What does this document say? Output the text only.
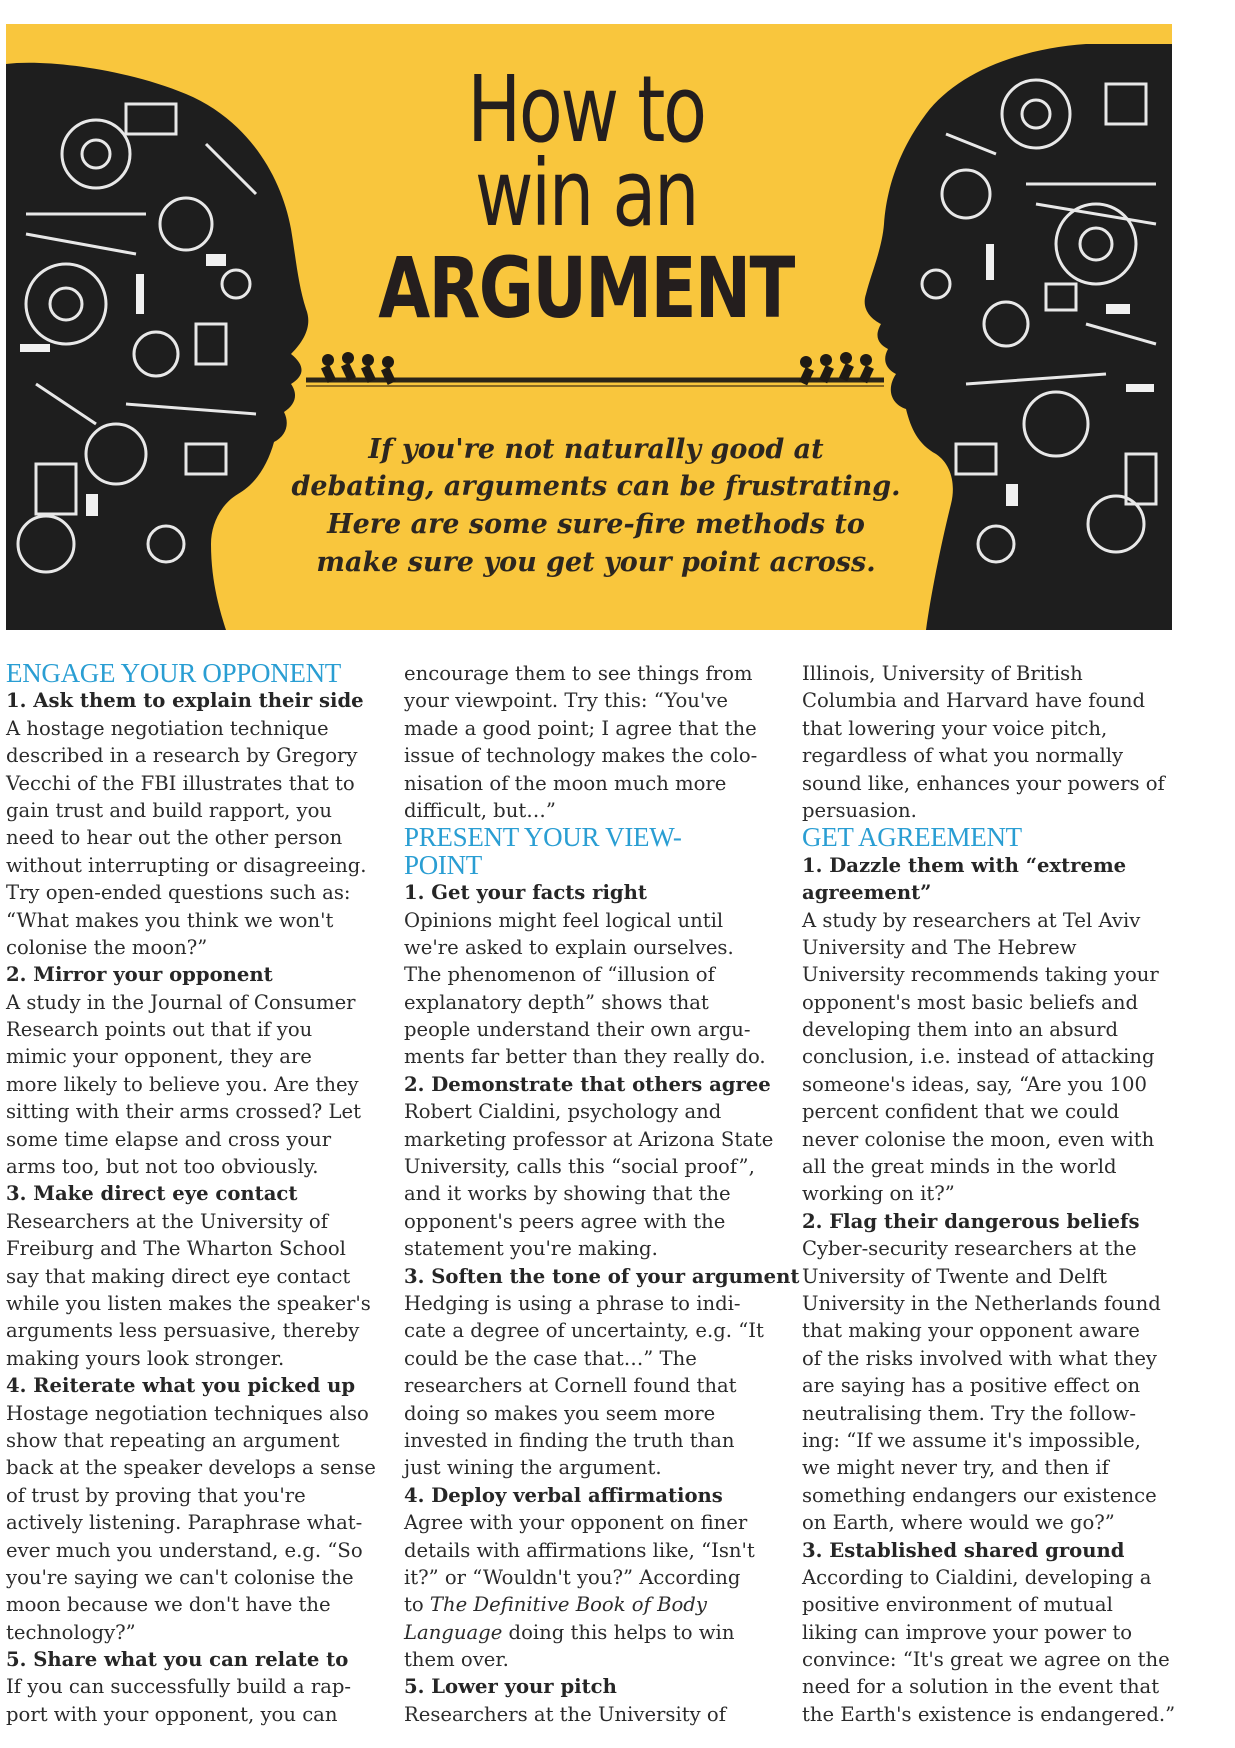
How to
win an
ARGUMENT
If you're not naturally good at
debating, arguments can be frustrating.
Here are some sure-fire methods to
make sure you get your point across.
ENGAGE YOUR OPPONENT
1. Ask them to explain their side
A hostage negotiation technique
described in a research by Gregory
Vecchi of the FBI illustrates that to
gain trust and build rapport, you
need to hear out the other person
without interrupting or disagreeing.
Try open-ended questions such as:
“What makes you think we won't
colonise the moon?”
2. Mirror your opponent
A study in the Journal of Consumer
Research points out that if you
mimic your opponent, they are
more likely to believe you. Are they
sitting with their arms crossed? Let
some time elapse and cross your
arms too, but not too obviously.
3. Make direct eye contact
Researchers at the University of
Freiburg and The Wharton School
say that making direct eye contact
while you listen makes the speaker's
arguments less persuasive, thereby
making yours look stronger.
4. Reiterate what you picked up
Hostage negotiation techniques also
show that repeating an argument
back at the speaker develops a sense
of trust by proving that you're
actively listening. Paraphrase what-
ever much you understand, e.g. “So
you're saying we can't colonise the
moon because we don't have the
technology?”
5. Share what you can relate to
If you can successfully build a rap-
port with your opponent, you can
encourage them to see things from
your viewpoint. Try this: “You've
made a good point; I agree that the
issue of technology makes the colo-
nisation of the moon much more
difficult, but…”
PRESENT YOUR VIEW-
POINT
1. Get your facts right
Opinions might feel logical until
we're asked to explain ourselves.
The phenomenon of “illusion of
explanatory depth” shows that
people understand their own argu-
ments far better than they really do.
2. Demonstrate that others agree
Robert Cialdini, psychology and
marketing professor at Arizona State
University, calls this “social proof”,
and it works by showing that the
opponent's peers agree with the
statement you're making.
3. Soften the tone of your argument
Hedging is using a phrase to indi-
cate a degree of uncertainty, e.g. “It
could be the case that…” The
researchers at Cornell found that
doing so makes you seem more
invested in finding the truth than
just wining the argument.
4. Deploy verbal affirmations
Agree with your opponent on finer
details with affirmations like, “Isn't
it?” or “Wouldn't you?” According
to The Definitive Book of Body
Language doing this helps to win
them over.
5. Lower your pitch
Researchers at the University of
Illinois, University of British
Columbia and Harvard have found
that lowering your voice pitch,
regardless of what you normally
sound like, enhances your powers of
persuasion.
GET AGREEMENT
1. Dazzle them with “extreme
agreement”
A study by researchers at Tel Aviv
University and The Hebrew
University recommends taking your
opponent's most basic beliefs and
developing them into an absurd
conclusion, i.e. instead of attacking
someone's ideas, say, “Are you 100
percent confident that we could
never colonise the moon, even with
all the great minds in the world
working on it?”
2. Flag their dangerous beliefs
Cyber-security researchers at the
University of Twente and Delft
University in the Netherlands found
that making your opponent aware
of the risks involved with what they
are saying has a positive effect on
neutralising them. Try the follow-
ing: “If we assume it's impossible,
we might never try, and then if
something endangers our existence
on Earth, where would we go?”
3. Established shared ground
According to Cialdini, developing a
positive environment of mutual
liking can improve your power to
convince: “It's great we agree on the
need for a solution in the event that
the Earth's existence is endangered.”
